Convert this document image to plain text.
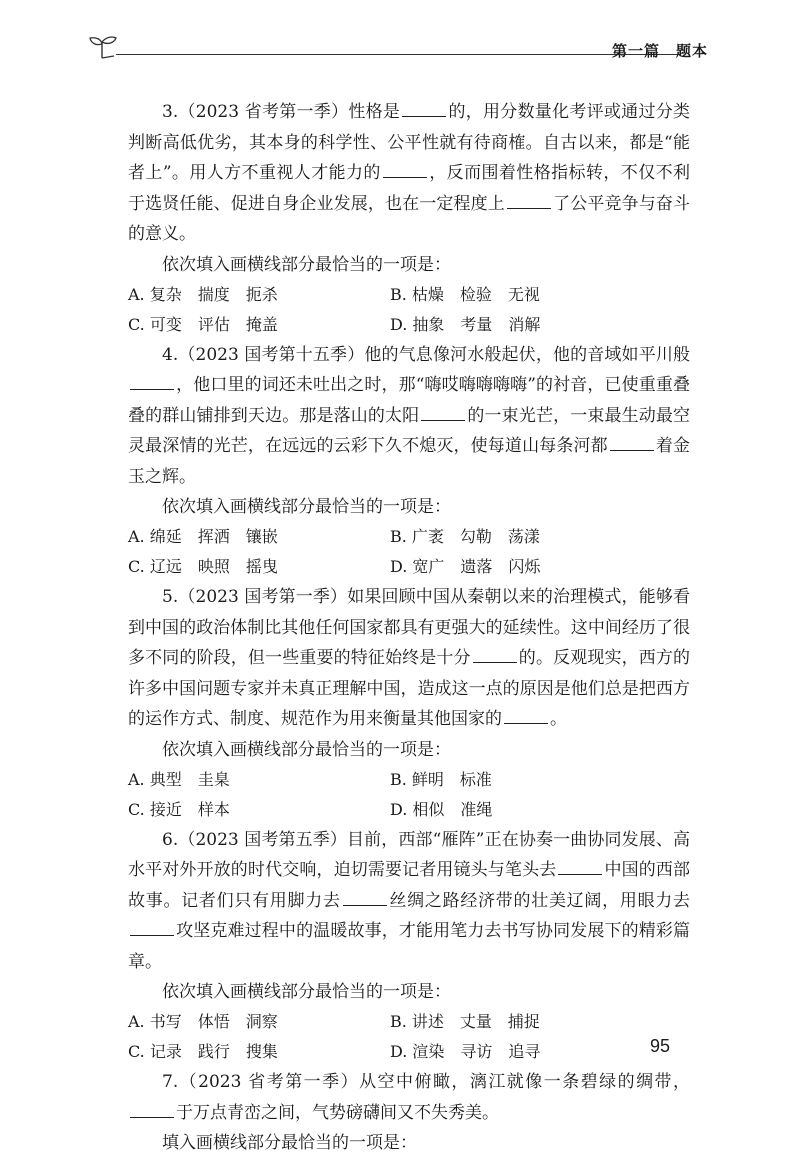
第一篇　题本

3.（2023 省考第一季）性格是	的，用分数量化考评或通过分类判断高低优劣，其本身的科学性、公平性就有待商榷。自古以来，都是“能者上”。用人方不重视人才能力的	，反而围着性格指标转，不仅不利于选贤任能、促进自身企业发展，也在一定程度上	了公平竞争与奋斗的意义。

依次填入画横线部分最恰当的一项是：

A. 复杂　揣度　扼杀	B. 枯燥　检验　无视
C. 可变　评估　掩盖	D. 抽象　考量　消解

4.（2023 国考第十五季）他的气息像河水般起伏，他的音域如平川般，他口里的词还未吐出之时，那“嗨哎嗨嗨嗨嗨”的衬音，已使重重叠叠的群山铺排到天边。那是落山的太阳	的一束光芒，一束最生动最空灵最深情的光芒，在远远的云彩下久不熄灭，使每道山每条河都	着金玉之辉。

依次填入画横线部分最恰当的一项是：

A. 绵延　挥洒　镶嵌	B. 广袤　勾勒　荡漾
C. 辽远　映照　摇曳	D. 宽广　遗落　闪烁

5.（2023 国考第一季）如果回顾中国从秦朝以来的治理模式，能够看到中国的政治体制比其他任何国家都具有更强大的延续性。这中间经历了很多不同的阶段，但一些重要的特征始终是十分	的。反观现实，西方的许多中国问题专家并未真正理解中国，造成这一点的原因是他们总是把西方的运作方式、制度、规范作为用来衡量其他国家的	。

依次填入画横线部分最恰当的一项是：

A. 典型　圭臬	B. 鲜明　标准
C. 接近　样本	D. 相似　准绳

6.（2023 国考第五季）目前，西部“雁阵”正在协奏一曲协同发展、高水平对外开放的时代交响，迫切需要记者用镜头与笔头去	中国的西部故事。记者们只有用脚力去	丝绸之路经济带的壮美辽阔，用眼力去攻坚克难过程中的温暖故事，才能用笔力去书写协同发展下的精彩篇章。

依次填入画横线部分最恰当的一项是：

A. 书写　体悟　洞察	B. 讲述　丈量　捕捉
C. 记录　践行　搜集	D. 渲染　寻访　追寻

7.（2023 省考第一季）从空中俯瞰，漓江就像一条碧绿的绸带，于万点青峦之间，气势磅礴间又不失秀美。

填入画横线部分最恰当的一项是：

95
